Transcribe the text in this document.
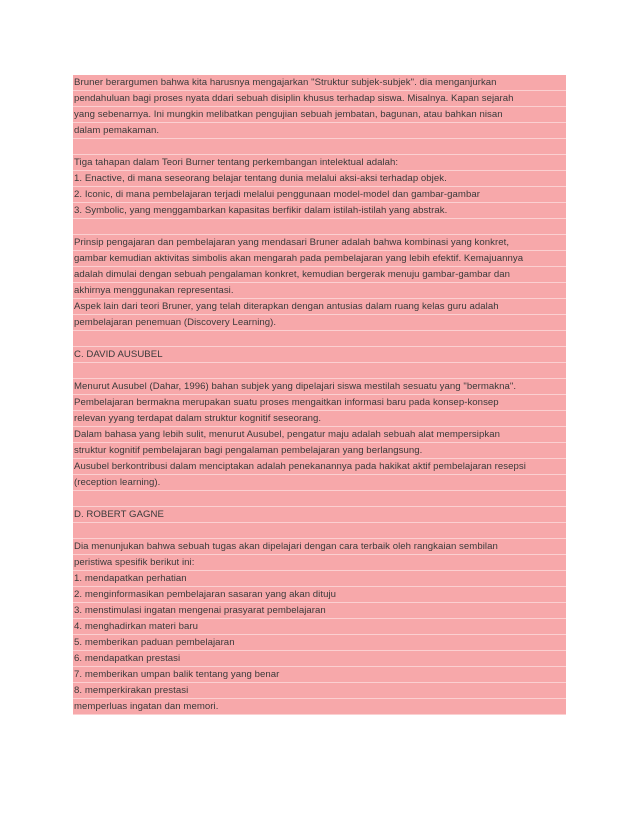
Bruner berargumen bahwa kita harusnya mengajarkan "Struktur subjek-subjek". dia menganjurkan
pendahuluan bagi proses nyata ddari sebuah disiplin khusus terhadap siswa. Misalnya. Kapan sejarah
yang sebenarnya. Ini mungkin melibatkan pengujian sebuah jembatan, bagunan, atau bahkan nisan
dalam pemakaman.

Tiga tahapan dalam Teori Burner tentang perkembangan intelektual adalah:
1. Enactive, di mana seseorang belajar tentang dunia melalui aksi-aksi terhadap objek.
2. Iconic, di mana pembelajaran terjadi melalui penggunaan model-model dan gambar-gambar
3. Symbolic, yang menggambarkan kapasitas berfikir dalam istilah-istilah yang abstrak.

Prinsip pengajaran dan pembelajaran yang mendasari Bruner adalah bahwa kombinasi yang konkret,
gambar kemudian aktivitas simbolis akan mengarah pada pembelajaran yang lebih efektif. Kemajuannya
adalah dimulai dengan sebuah pengalaman konkret, kemudian bergerak menuju gambar-gambar dan
akhirnya menggunakan representasi.
Aspek lain dari teori Bruner, yang telah diterapkan dengan antusias dalam ruang kelas guru adalah
pembelajaran penemuan (Discovery Learning).

C. DAVID AUSUBEL

Menurut Ausubel (Dahar, 1996) bahan subjek yang dipelajari siswa mestilah sesuatu yang "bermakna".
Pembelajaran bermakna merupakan suatu proses mengaitkan informasi baru pada konsep-konsep
relevan yyang terdapat dalam struktur kognitif seseorang.
Dalam bahasa yang lebih sulit, menurut Ausubel, pengatur maju adalah sebuah alat mempersipkan
struktur kognitif pembelajaran bagi pengalaman pembelajaran yang berlangsung.
Ausubel berkontribusi dalam menciptakan adalah penekanannya pada hakikat aktif pembelajaran resepsi
(reception learning).

D. ROBERT GAGNE

Dia menunjukan bahwa sebuah tugas akan dipelajari dengan cara terbaik oleh rangkaian sembilan
peristiwa spesifik berikut ini:
1. mendapatkan perhatian
2. menginformasikan pembelajaran sasaran yang akan dituju
3. menstimulasi ingatan mengenai prasyarat pembelajaran
4. menghadirkan materi baru
5. memberikan paduan pembelajaran
6. mendapatkan prestasi
7. memberikan umpan balik tentang yang benar
8. memperkirakan prestasi
memperluas ingatan dan memori.
